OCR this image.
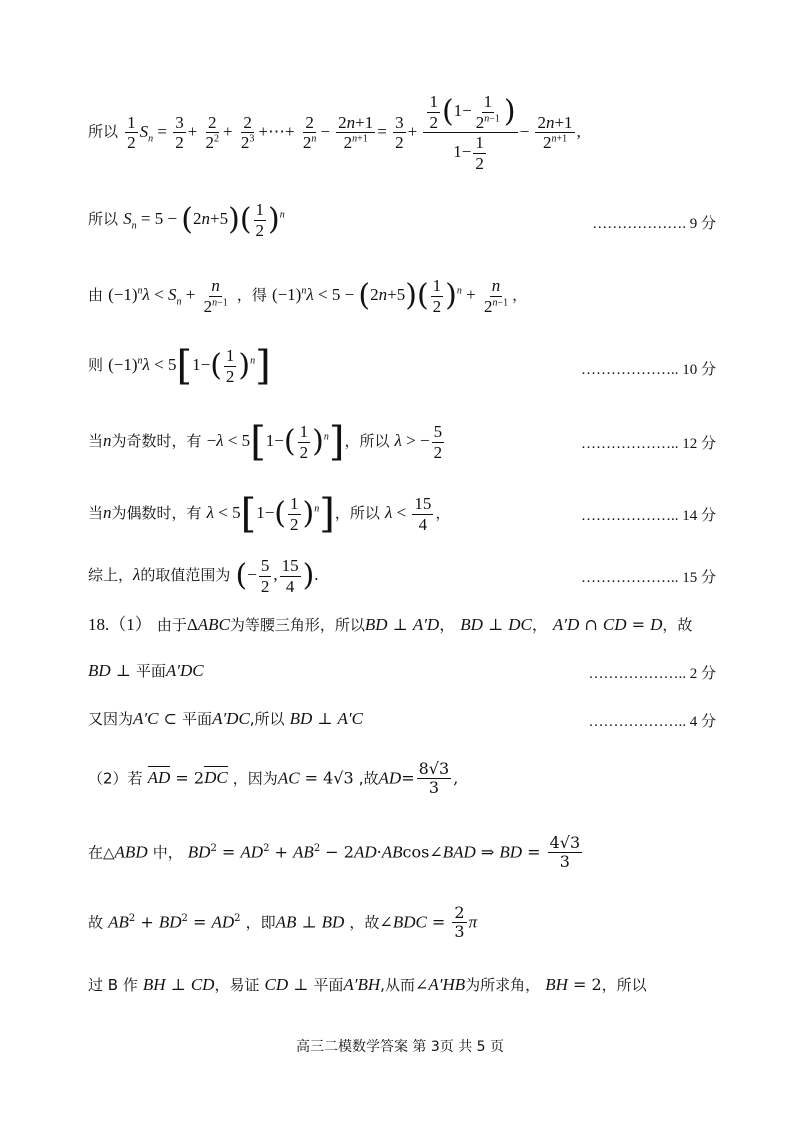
所以 $\frac{1}{2} S_n = \frac{3}{2} + \frac{2}{2^2} + \frac{2}{2^3}$ +⋯+ $\frac{2}{2^n} - \frac{2n+1}{2^{n+1}} = \frac{3}{2} + \frac{\frac{1}{2} (1- \frac{1}{2^{n-1}} )}{1- \frac{1}{2}} - \frac{2n+1}{2^{n+1}}$ ,
所以 $S_n = 5 - (2n+5)( \frac{1}{2} )^n$
………………. 9 分
由 $(-1)^n\lambda < S_n + \frac{n}{2^{n-1}}$ ，得 $(-1)^n\lambda < 5 - (2n+5)( \frac{1}{2} )^n + \frac{n}{2^{n-1}}$ ，
则 $(-1)^n\lambda < 5[1-( \frac{1}{2} )^n]$	……………….. 10 分
当n为奇数时，有 $-\lambda < 5[1-( \frac{1}{2} )^n]$，所以 λ > − $\frac{5}{2}$	……………….. 12 分
当n为偶数时，有 $\lambda < 5[1-( \frac{1}{2} )^n]$，所以 $\lambda < \frac{15}{4}$ ，	……………….. 14 分
综上，λ的取值范围为 (− $\frac{5}{2}$ , $\frac{15}{4}$ ).	……………….. 15 分
18.（1） 由于ΔABC为等腰三角形，所以BD ⊥ A′D， BD ⊥ DC， A′D ∩ CD = D，故
BD ⊥ 平面A′DC	……………….. 2 分
又因为A′C ⊂ 平面A′DC,所以 BD ⊥ A′C	……………….. 4 分
（2）若 AD = 2DC ，因为AC = 4√3 ,故$AD= \frac{8√3}{3}$ ,
在△ABD 中， $BD^2 = AD^2 + AB^2$ − 2AD·ABcos∠BAD ⇒ BD = $\frac{4√3}{3}$
故 $AB^2 + BD^2 = AD^2$ ，即AB ⊥ BD ，故∠BDC = $\frac{2}{3}$ π
过 B 作 BH ⊥ CD，易证 CD ⊥ 平面A′BH,从而∠A′HB为所求角， BH = 2，所以
高三二模数学答案 第 3页 共 5 页
